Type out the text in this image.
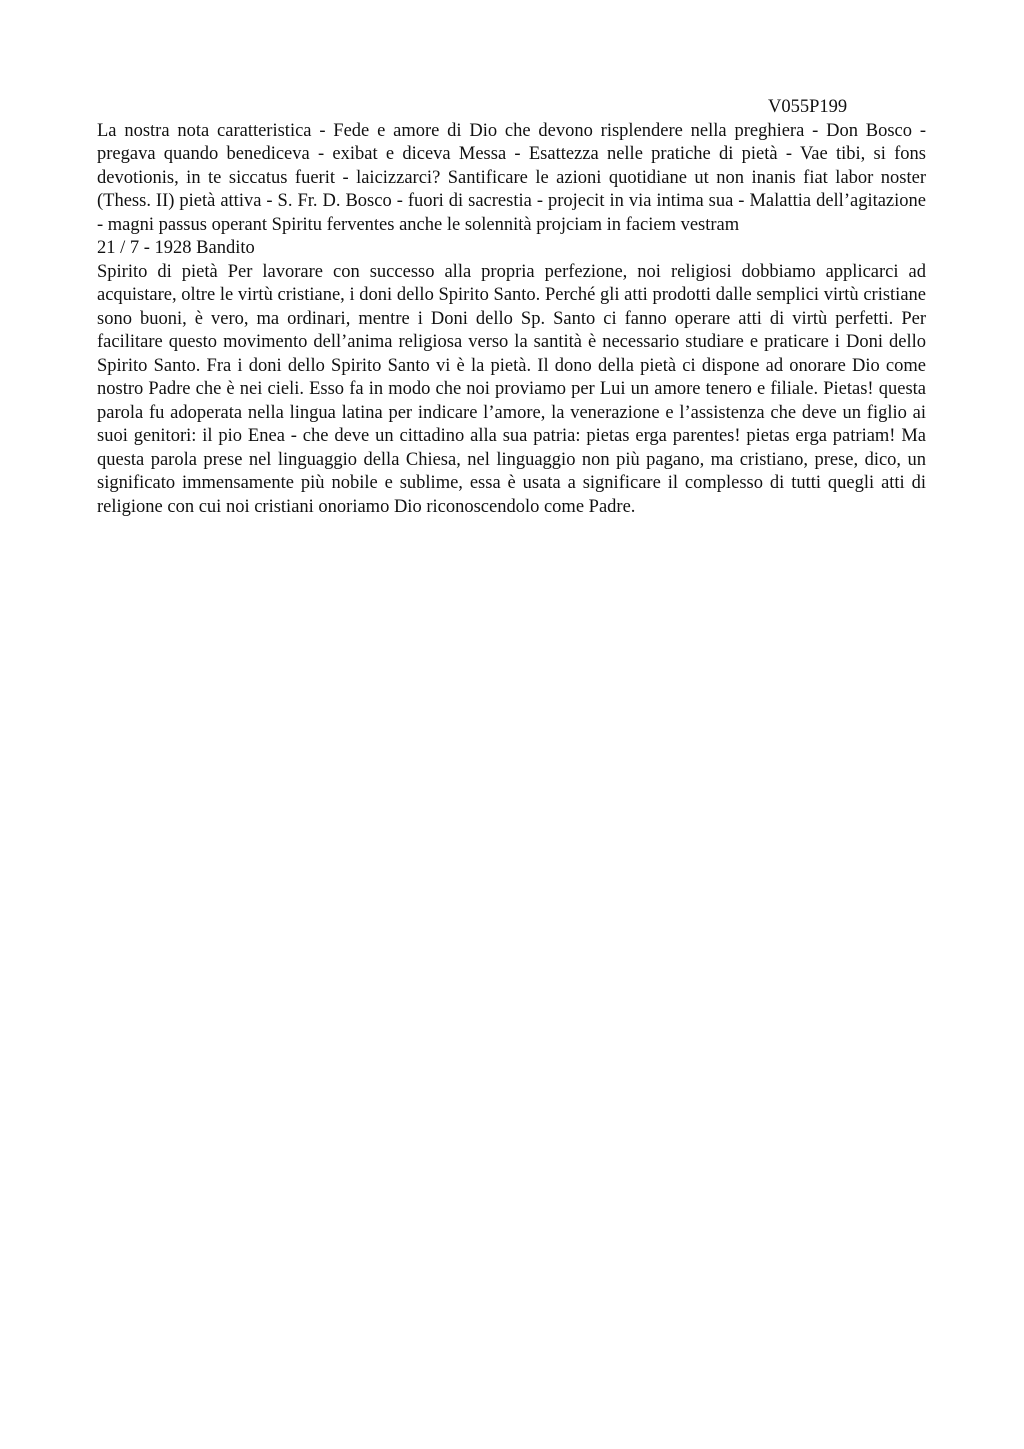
V055P199

La nostra nota caratteristica - Fede e amore di Dio che devono risplendere nella preghiera - Don Bosco - pregava quando benediceva - exibat e diceva Messa - Esattezza nelle pratiche di pietà - Vae tibi, si fons devotionis, in te siccatus fuerit - laicizzarci? Santificare le azioni quotidiane ut non inanis fiat labor noster (Thess. II) pietà attiva - S. Fr. D. Bosco - fuori di sacrestia - projecit in via intima sua - Malattia dell’agitazione - magni passus operant Spiritu ferventes anche le solennità projciam in faciem vestram

21 / 7 - 1928 Bandito

Spirito di pietà Per lavorare con successo alla propria perfezione, noi religiosi dobbiamo applicarci ad acquistare, oltre le virtù cristiane, i doni dello Spirito Santo. Perché gli atti prodotti dalle semplici virtù cristiane sono buoni, è vero, ma ordinari, mentre i Doni dello Sp. Santo ci fanno operare atti di virtù perfetti. Per facilitare questo movimento dell’anima religiosa verso la santità è necessario studiare e praticare i Doni dello Spirito Santo. Fra i doni dello Spirito Santo vi è la pietà. Il dono della pietà ci dispone ad onorare Dio come nostro Padre che è nei cieli. Esso fa in modo che noi proviamo per Lui un amore tenero e filiale. Pietas! questa parola fu adoperata nella lingua latina per indicare l’amore, la venerazione e l’assistenza che deve un figlio ai suoi genitori: il pio Enea - che deve un cittadino alla sua patria: pietas erga parentes! pietas erga patriam! Ma questa parola prese nel linguaggio della Chiesa, nel linguaggio non più pagano, ma cristiano, prese, dico, un significato immensamente più nobile e sublime, essa è usata a significare il complesso di tutti quegli atti di religione con cui noi cristiani onoriamo Dio riconoscendolo come Padre.
